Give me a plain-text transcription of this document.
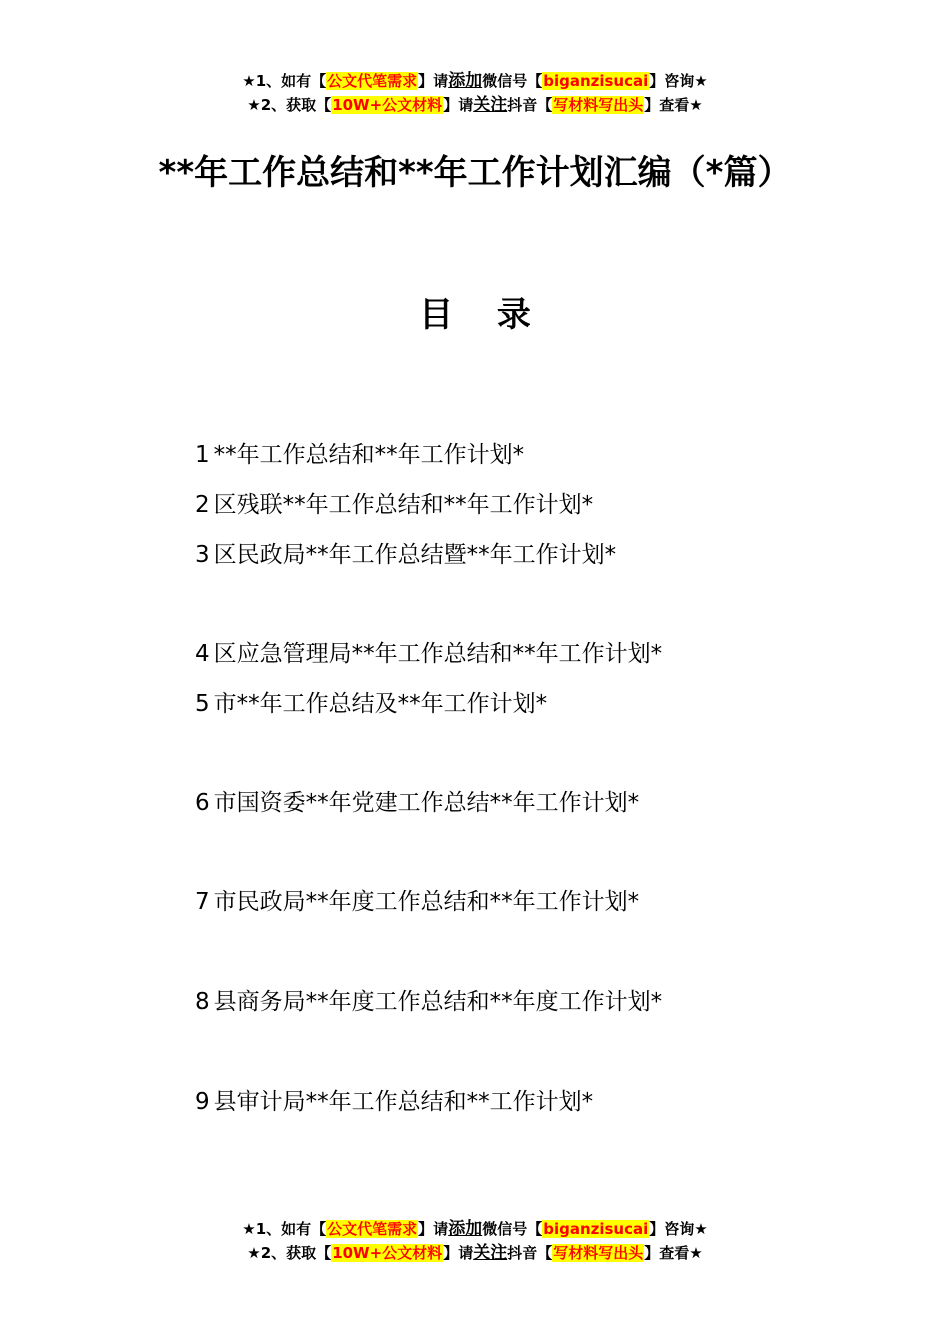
★1、如有【公文代笔需求】请添加微信号【biganzisucai】咨询★
★2、获取【10W+公文材料】请关注抖音【写材料写出头】查看★
**年工作总结和**年工作计划汇编（*篇）
目 录
1 **年工作总结和**年工作计划*
2 区残联**年工作总结和**年工作计划*
3 区民政局**年工作总结暨**年工作计划*
4 区应急管理局**年工作总结和**年工作计划*
5 市**年工作总结及**年工作计划*
6 市国资委**年党建工作总结**年工作计划*
7 市民政局**年度工作总结和**年工作计划*
8 县商务局**年度工作总结和**年度工作计划*
9 县审计局**年工作总结和**工作计划*
★1、如有【公文代笔需求】请添加微信号【biganzisucai】咨询★
★2、获取【10W+公文材料】请关注抖音【写材料写出头】查看★
